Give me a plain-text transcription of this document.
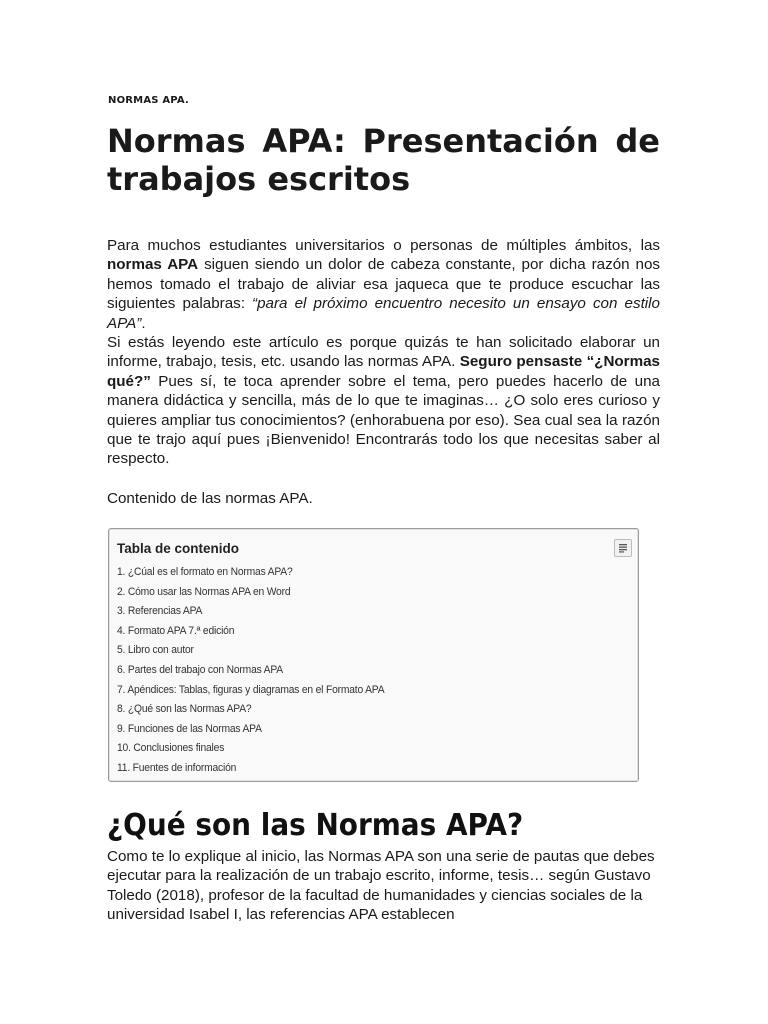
NORMAS APA.
Normas APA: Presentación de
trabajos escritos
Para muchos estudiantes universitarios o personas de múltiples ámbitos, las normas APA siguen siendo un dolor de cabeza constante, por dicha razón nos hemos tomado el trabajo de aliviar esa jaqueca que te produce escuchar las siguientes palabras: “para el próximo encuentro necesito un ensayo con estilo APA”.
Si estás leyendo este artículo es porque quizás te han solicitado elaborar un informe, trabajo, tesis, etc. usando las normas APA. Seguro pensaste “¿Normas qué?” Pues sí, te toca aprender sobre el tema, pero puedes hacerlo de una manera didáctica y sencilla, más de lo que te imaginas… ¿O solo eres curioso y quieres ampliar tus conocimientos? (enhorabuena por eso). Sea cual sea la razón que te trajo aquí pues ¡Bienvenido! Encontrarás todo los que necesitas saber al respecto.
Contenido de las normas APA.
Tabla de contenido
1. ¿Cúal es el formato en Normas APA?
2. Cómo usar las Normas APA en Word
3. Referencias APA
4. Formato APA 7.ª edición
5. Libro con autor
6. Partes del trabajo con Normas APA
7. Apéndices: Tablas, figuras y diagramas en el Formato APA
8. ¿Qué son las Normas APA?
9. Funciones de las Normas APA
10. Conclusiones finales
11. Fuentes de información
¿Qué son las Normas APA?
Como te lo explique al inicio, las Normas APA son una serie de pautas que debes ejecutar para la realización de un trabajo escrito, informe, tesis… según Gustavo Toledo (2018), profesor de la facultad de humanidades y ciencias sociales de la universidad Isabel I, las referencias APA establecen
